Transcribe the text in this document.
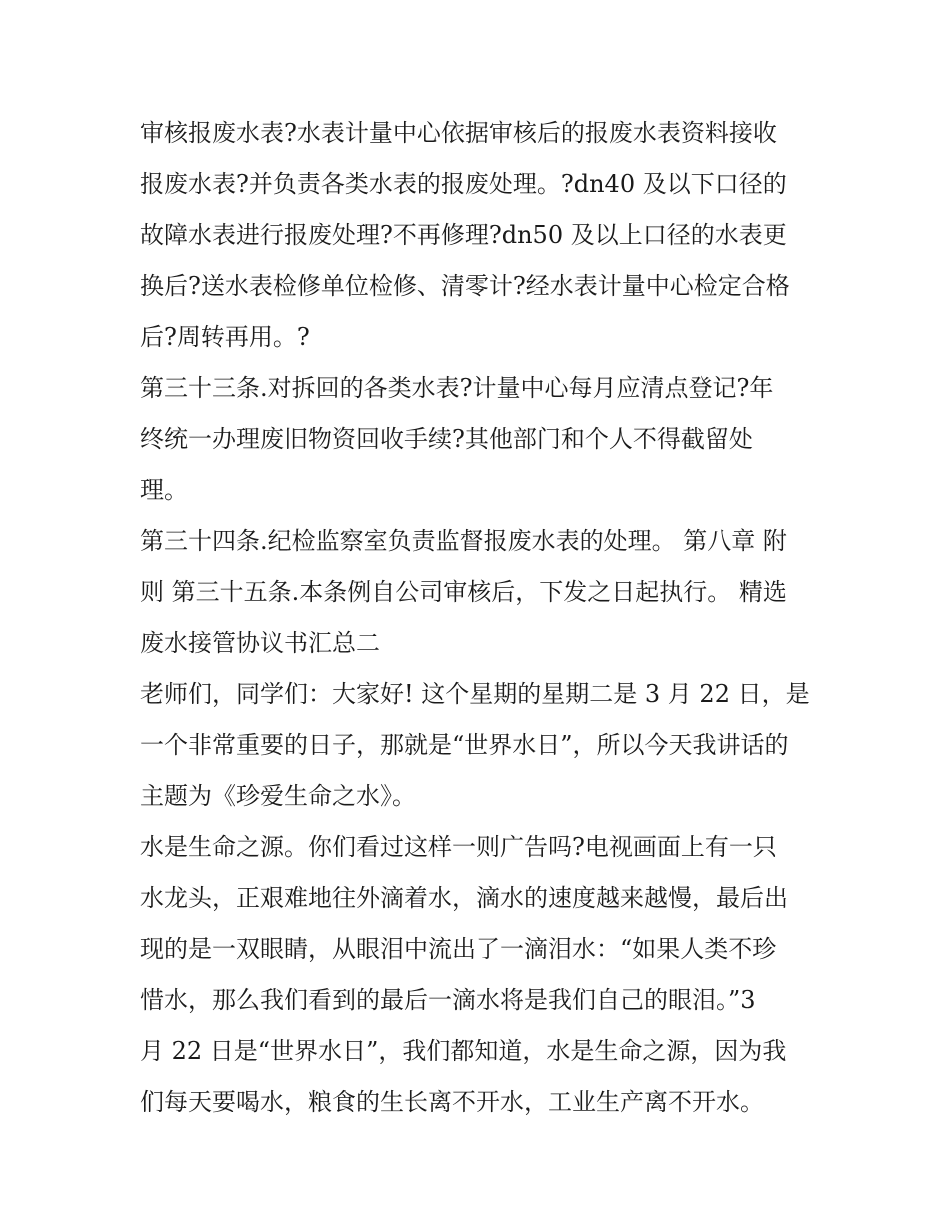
审核报废水表?水表计量中心依据审核后的报废水表资料接收
报废水表?并负责各类水表的报废处理。?dn40 及以下口径的
故障水表进行报废处理?不再修理?dn50 及以上口径的水表更
换后?送水表检修单位检修、清零计?经水表计量中心检定合格
后?周转再用。?
第三十三条.对拆回的各类水表?计量中心每月应清点登记?年
终统一办理废旧物资回收手续?其他部门和个人不得截留处
理。
第三十四条.纪检监察室负责监督报废水表的处理。 第八章 附
则 第三十五条.本条例自公司审核后，下发之日起执行。 精选
废水接管协议书汇总二
老师们，同学们：大家好! 这个星期的星期二是 3 月 22 日，是
一个非常重要的日子，那就是“世界水日”，所以今天我讲话的
主题为《珍爱生命之水》。
水是生命之源。你们看过这样一则广告吗?电视画面上有一只
水龙头，正艰难地往外滴着水，滴水的速度越来越慢，最后出
现的是一双眼睛，从眼泪中流出了一滴泪水：“如果人类不珍
惜水，那么我们看到的最后一滴水将是我们自己的眼泪。”3
月 22 日是“世界水日”，我们都知道，水是生命之源，因为我
们每天要喝水，粮食的生长离不开水，工业生产离不开水。
